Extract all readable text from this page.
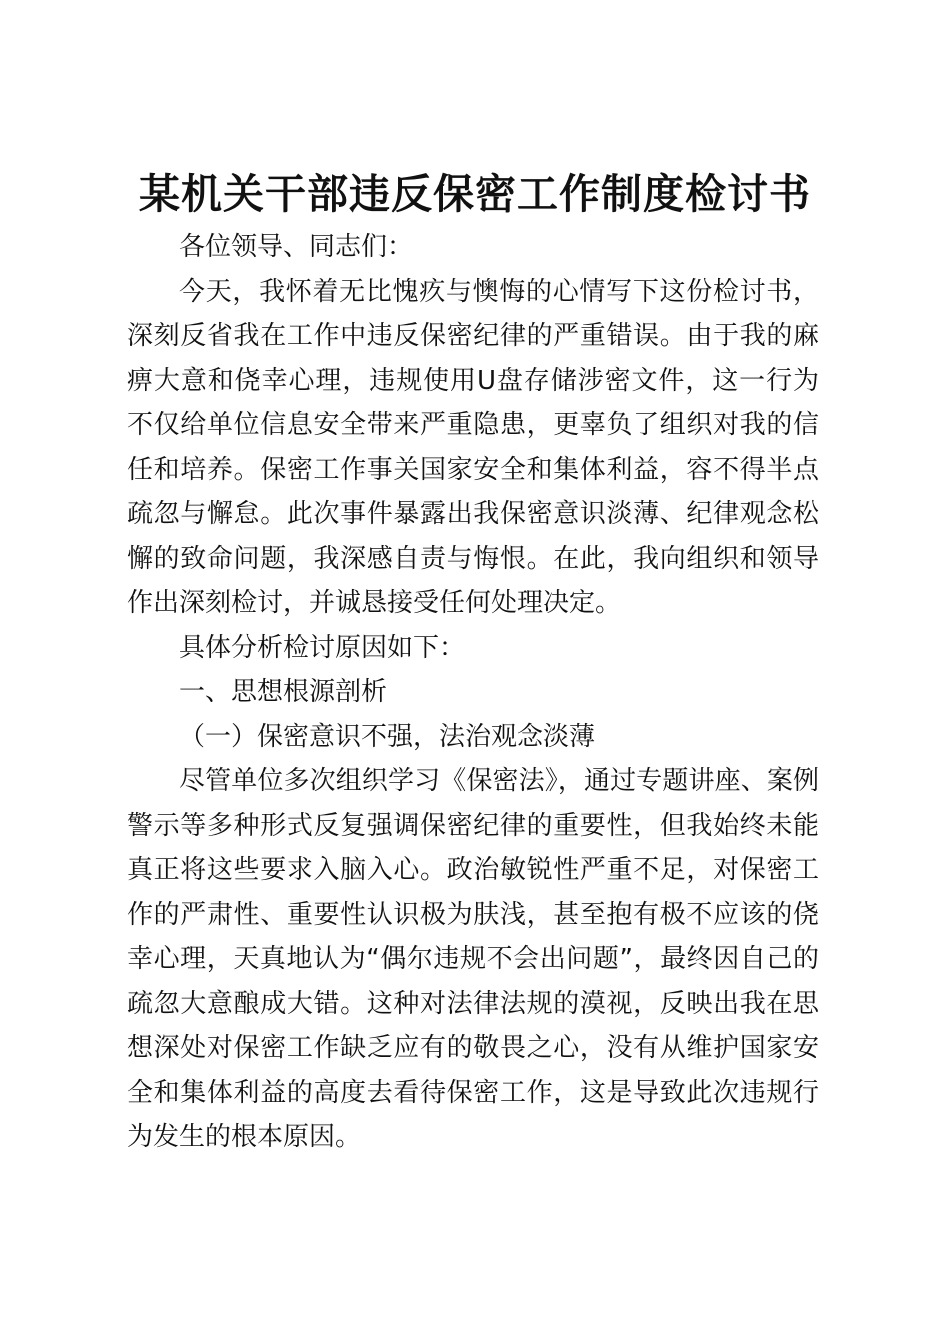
某机关干部违反保密工作制度检讨书

各位领导、同志们：

今天，我怀着无比愧疚与懊悔的心情写下这份检讨书，深刻反省我在工作中违反保密纪律的严重错误。由于我的麻痹大意和侥幸心理，违规使用U盘存储涉密文件，这一行为不仅给单位信息安全带来严重隐患，更辜负了组织对我的信任和培养。保密工作事关国家安全和集体利益，容不得半点疏忽与懈怠。此次事件暴露出我保密意识淡薄、纪律观念松懈的致命问题，我深感自责与悔恨。在此，我向组织和领导作出深刻检讨，并诚恳接受任何处理决定。

具体分析检讨原因如下：

一、思想根源剖析

（一）保密意识不强，法治观念淡薄

尽管单位多次组织学习《保密法》，通过专题讲座、案例警示等多种形式反复强调保密纪律的重要性，但我始终未能真正将这些要求入脑入心。政治敏锐性严重不足，对保密工作的严肃性、重要性认识极为肤浅，甚至抱有极不应该的侥幸心理，天真地认为“偶尔违规不会出问题”，最终因自己的疏忽大意酿成大错。这种对法律法规的漠视，反映出我在思想深处对保密工作缺乏应有的敬畏之心，没有从维护国家安全和集体利益的高度去看待保密工作，这是导致此次违规行为发生的根本原因。
